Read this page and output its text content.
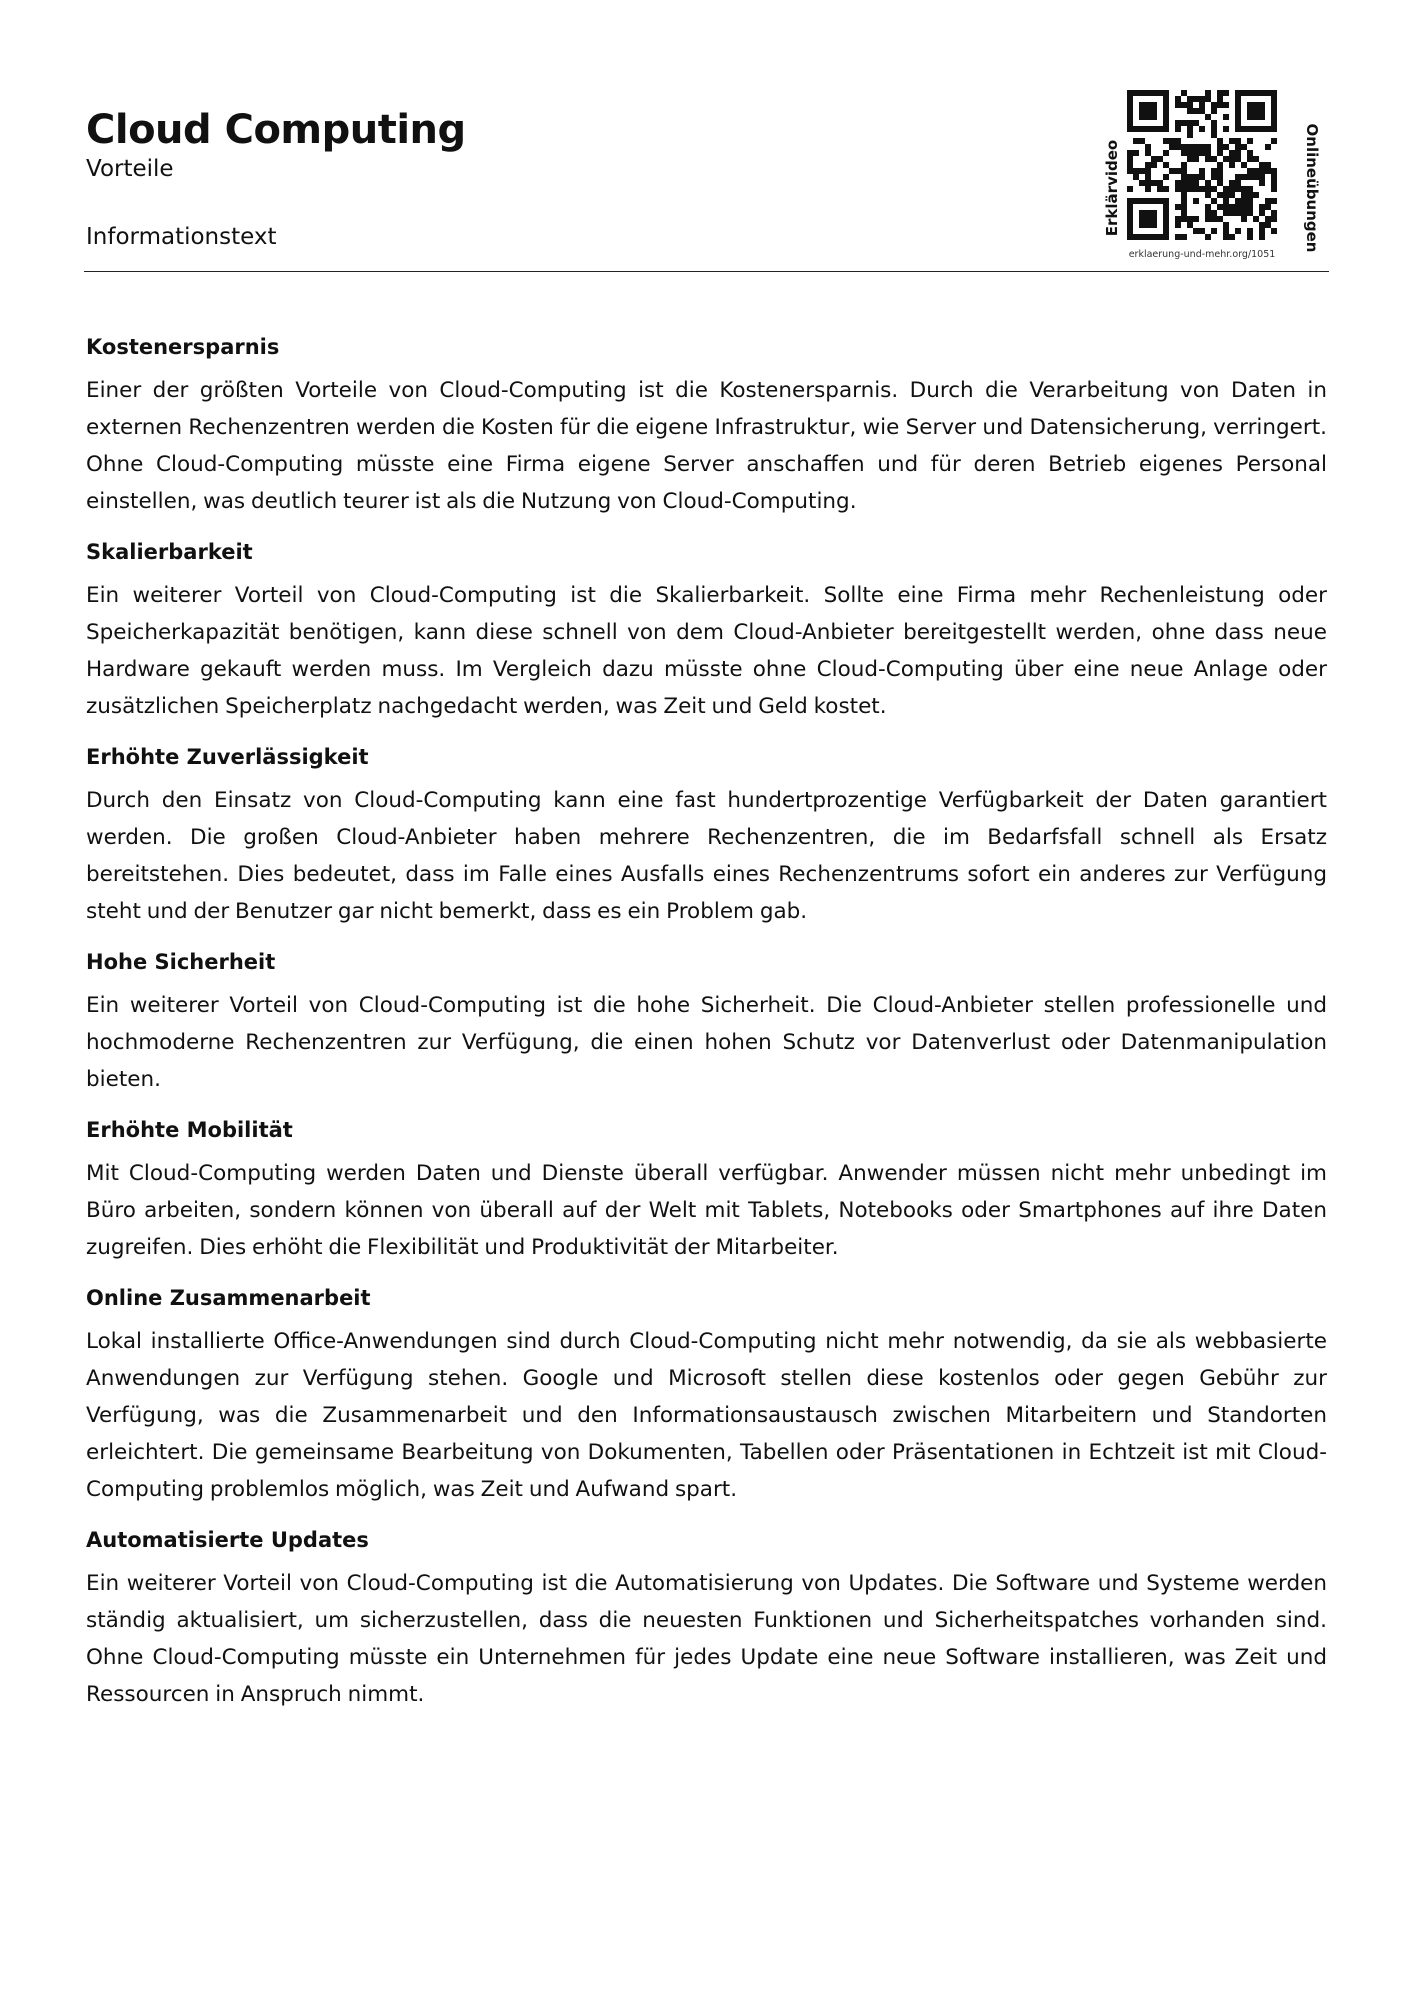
Cloud Computing
Vorteile
Informationstext
Erklärvideo	Onlineübungen
erklaerung-und-mehr.org/1051
Kostenersparnis

Einer der größten Vorteile von Cloud-Computing ist die Kostenersparnis. Durch die Verarbeitung von Daten in externen Rechenzentren werden die Kosten für die eigene Infrastruktur, wie Server und Datensicherung, verringert. Ohne Cloud-Computing müsste eine Firma eigene Server anschaffen und für deren Betrieb eigenes Personal einstellen, was deutlich teurer ist als die Nutzung von Cloud-Computing.

Skalierbarkeit

Ein weiterer Vorteil von Cloud-Computing ist die Skalierbarkeit. Sollte eine Firma mehr Rechenleistung oder Speicherkapazität benötigen, kann diese schnell von dem Cloud-Anbieter bereitgestellt werden, ohne dass neue Hardware gekauft werden muss. Im Vergleich dazu müsste ohne Cloud-Computing über eine neue Anlage oder zusätzlichen Speicherplatz nachgedacht werden, was Zeit und Geld kostet.

Erhöhte Zuverlässigkeit

Durch den Einsatz von Cloud-Computing kann eine fast hundertprozentige Verfügbarkeit der Daten garantiert werden. Die großen Cloud-Anbieter haben mehrere Rechenzentren, die im Bedarfsfall schnell als Ersatz bereitstehen. Dies bedeutet, dass im Falle eines Ausfalls eines Rechenzentrums sofort ein anderes zur Verfügung steht und der Benutzer gar nicht bemerkt, dass es ein Problem gab.

Hohe Sicherheit

Ein weiterer Vorteil von Cloud-Computing ist die hohe Sicherheit. Die Cloud-Anbieter stellen professionelle und hochmoderne Rechenzentren zur Verfügung, die einen hohen Schutz vor Datenverlust oder Datenmanipulation bieten.

Erhöhte Mobilität

Mit Cloud-Computing werden Daten und Dienste überall verfügbar. Anwender müssen nicht mehr unbedingt im Büro arbeiten, sondern können von überall auf der Welt mit Tablets, Notebooks oder Smartphones auf ihre Daten zugreifen. Dies erhöht die Flexibilität und Produktivität der Mitarbeiter.

Online Zusammenarbeit

Lokal installierte Office-Anwendungen sind durch Cloud-Computing nicht mehr notwendig, da sie als webbasierte Anwendungen zur Verfügung stehen. Google und Microsoft stellen diese kostenlos oder gegen Gebühr zur Verfügung, was die Zusammenarbeit und den Informationsaustausch zwischen Mitarbeitern und Standorten erleichtert. Die gemeinsame Bearbeitung von Dokumenten, Tabellen oder Präsentationen in Echtzeit ist mit Cloud-Computing problemlos möglich, was Zeit und Aufwand spart.

Automatisierte Updates

Ein weiterer Vorteil von Cloud-Computing ist die Automatisierung von Updates. Die Software und Systeme werden ständig aktualisiert, um sicherzustellen, dass die neuesten Funktionen und Sicherheitspatches vorhanden sind. Ohne Cloud-Computing müsste ein Unternehmen für jedes Update eine neue Software installieren, was Zeit und Ressourcen in Anspruch nimmt.
